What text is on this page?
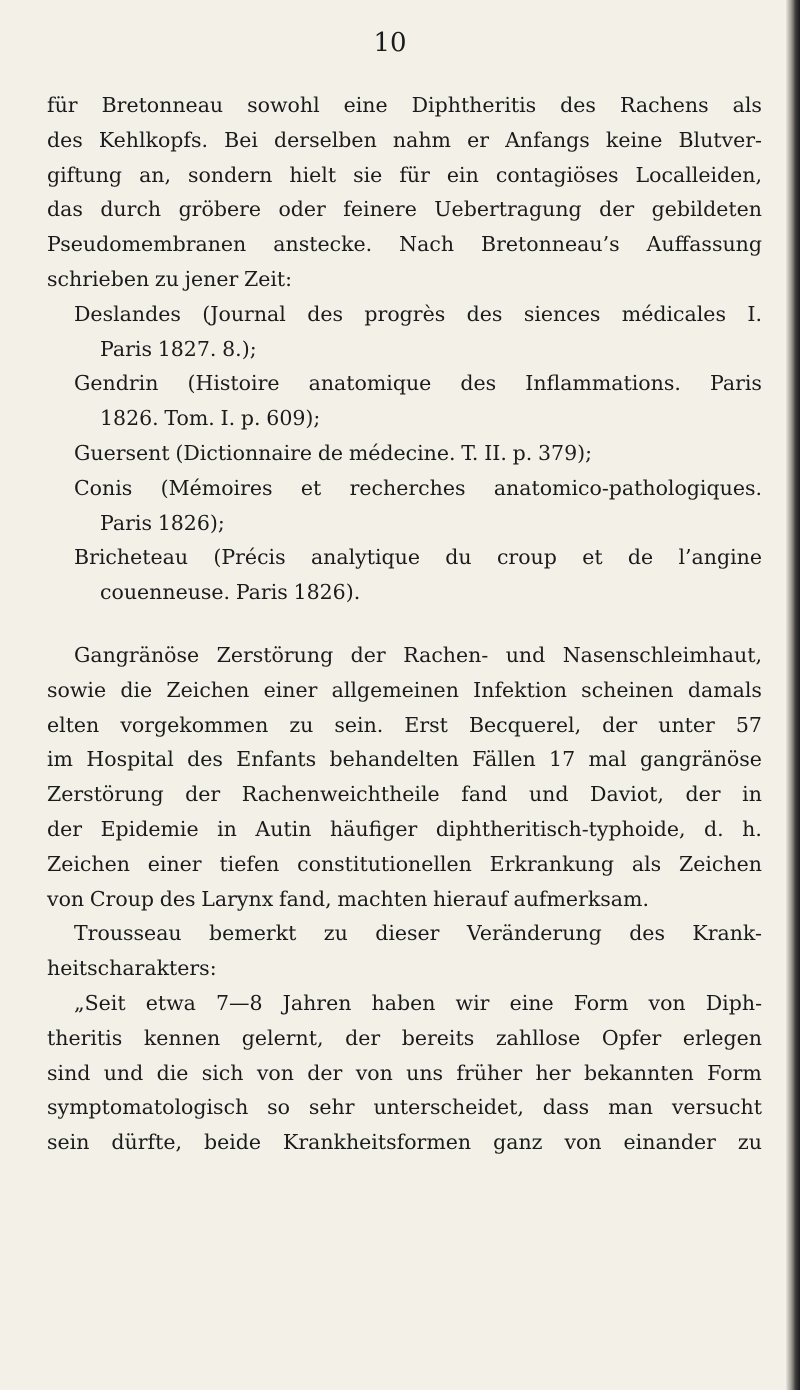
10
für Bretonneau sowohl eine Diphtheritis des Rachens als
des Kehlkopfs. Bei derselben nahm er Anfangs keine Blutver-
giftung an, sondern hielt sie für ein contagiöses Localleiden,
das durch gröbere oder feinere Uebertragung der gebildeten
Pseudomembranen anstecke. Nach Bretonneau’s Auffassung
schrieben zu jener Zeit:
Deslandes (Journal des progrès des siences médicales I.
Paris 1827. 8.);
Gendrin (Histoire anatomique des Inflammations. Paris
1826. Tom. I. p. 609);
Guersent (Dictionnaire de médecine. T. II. p. 379);
Conis (Mémoires et recherches anatomico-pathologiques.
Paris 1826);
Bricheteau (Précis analytique du croup et de l’angine
couenneuse. Paris 1826).
Gangränöse Zerstörung der Rachen- und Nasenschleimhaut,
sowie die Zeichen einer allgemeinen Infektion scheinen damals
elten vorgekommen zu sein. Erst Becquerel, der unter 57
im Hospital des Enfants behandelten Fällen 17 mal gangränöse
Zerstörung der Rachenweichtheile fand und Daviot, der in
der Epidemie in Autin häufiger diphtheritisch-typhoide, d. h.
Zeichen einer tiefen constitutionellen Erkrankung als Zeichen
von Croup des Larynx fand, machten hierauf aufmerksam.
Trousseau bemerkt zu dieser Veränderung des Krank-
heitscharakters:
„Seit etwa 7—8 Jahren haben wir eine Form von Diph-
theritis kennen gelernt, der bereits zahllose Opfer erlegen
sind und die sich von der von uns früher her bekannten Form
symptomatologisch so sehr unterscheidet, dass man versucht
sein dürfte, beide Krankheitsformen ganz von einander zu
